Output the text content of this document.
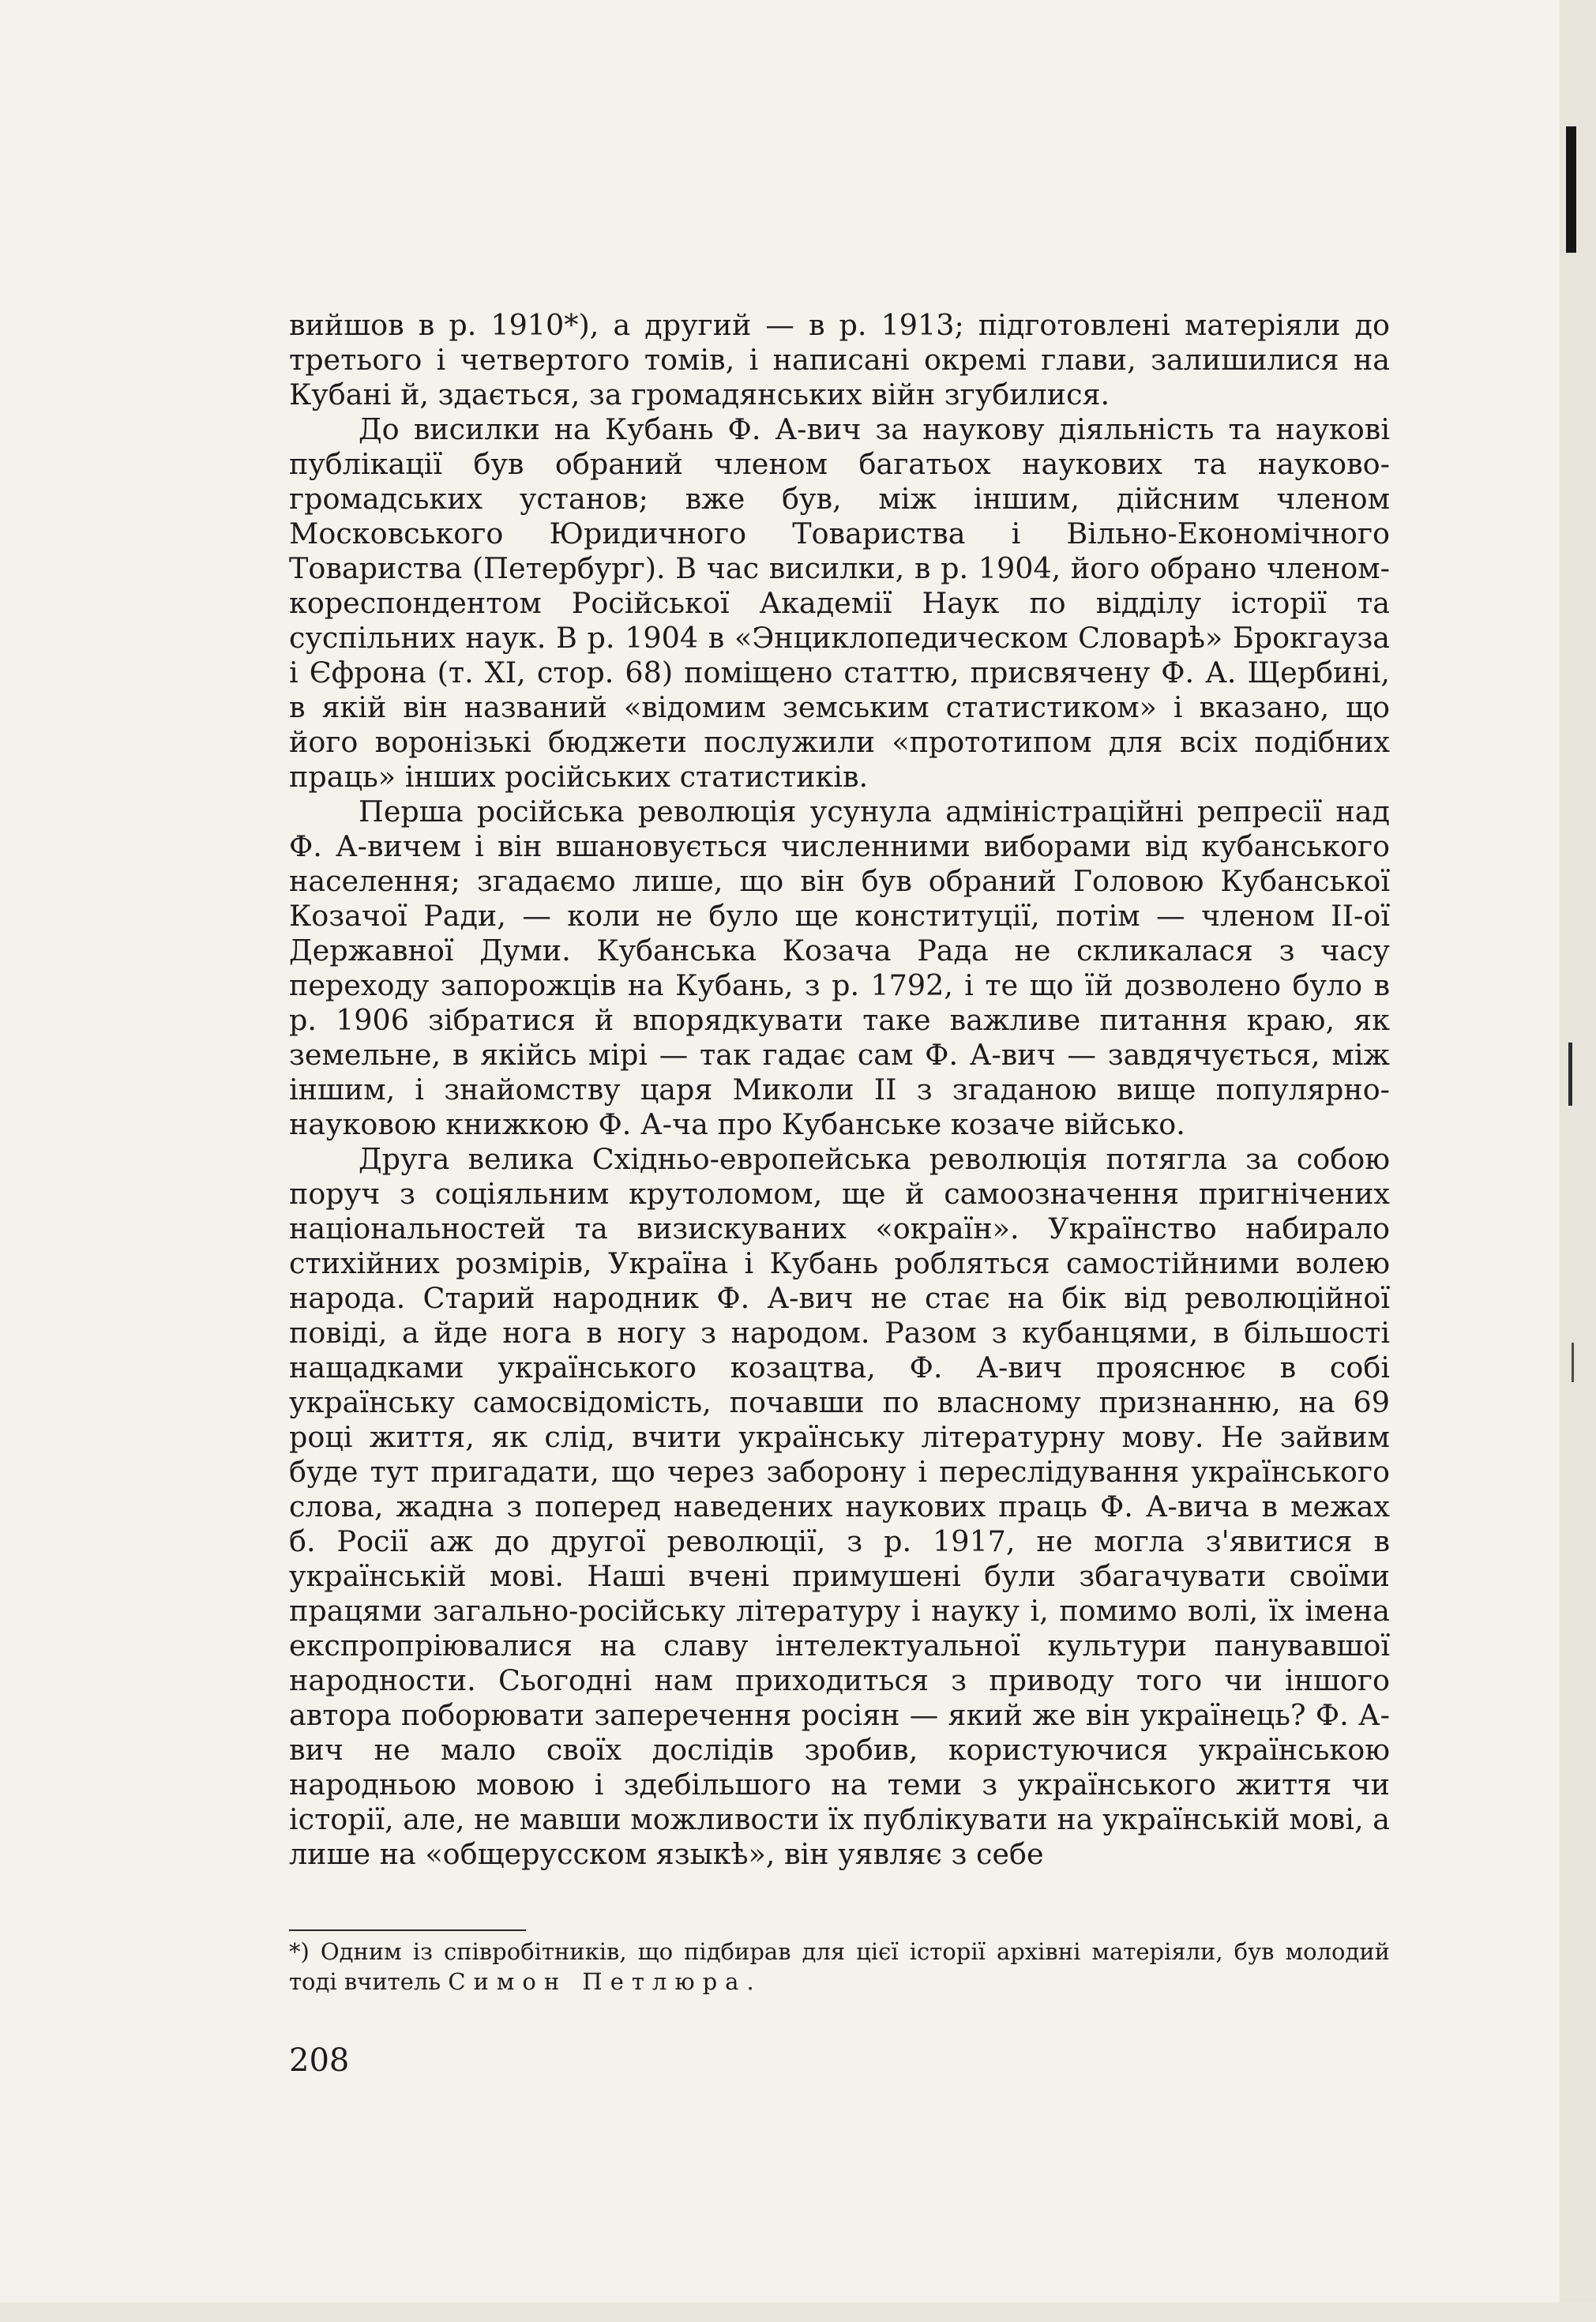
вийшов в р. 1910*), а другий — в р. 1913; підготовлені матеріяли до третього і четвертого томів, і написані окремі глави, залишилися на Кубані й, здається, за громадянських війн згубилися.

До висилки на Кубань Ф. А-вич за наукову діяльність та наукові публікації був обраний членом багатьох наукових та науково-громадських установ; вже був, між іншим, дійсним членом Московського Юридичного Товариства і Вільно-Економічного Товариства (Петербург). В час висилки, в р. 1904, його обрано членом-кореспондентом Російської Академії Наук по відділу історії та суспільних наук. В р. 1904 в «Энциклопедическом Словарѣ» Брокгауза і Єфрона (т. XI, стор. 68) поміщено статтю, присвячену Ф. А. Щербині, в якій він названий «відомим земським статистиком» і вказано, що його воронізькі бюджети послужили «прототипом для всіх подібних праць» інших російських статистиків.

Перша російська революція усунула адміністраційні репресії над Ф. А-вичем і він вшановується численними виборами від кубанського населення; згадаємо лише, що він був обраний Головою Кубанської Козачої Ради, — коли не було ще конституції, потім — членом II-ої Державної Думи. Кубанська Козача Рада не скликалася з часу переходу запорожців на Кубань, з р. 1792, і те що їй дозволено було в р. 1906 зібратися й впорядкувати таке важливе питання краю, як земельне, в якійсь мірі — так гадає сам Ф. А-вич — завдячується, між іншим, і знайомству царя Миколи II з згаданою вище популярно-науковою книжкою Ф. А-ча про Кубанське козаче військо.

Друга велика Східньо-европейська революція потягла за собою поруч з соціяльним крутоломом, ще й самоозначення пригнічених національностей та визискуваних «окраїн». Українство набирало стихійних розмірів, Україна і Кубань робляться самостійними волею народа. Старий народник Ф. А-вич не стає на бік від революційної повіді, а йде нога в ногу з народом. Разом з кубанцями, в більшості нащадками українського козацтва, Ф. А-вич прояснює в собі українську самосвідомість, почавши по власному признанню, на 69 році життя, як слід, вчити українську літературну мову. Не зайвим буде тут пригадати, що через заборону і переслідування українського слова, жадна з поперед наведених наукових праць Ф. А-вича в межах б. Росії аж до другої революції, з р. 1917, не могла з'явитися в українській мові. Наші вчені примушені були збагачувати своїми працями загально-російську літературу і науку і, помимо волі, їх імена експропріювалися на славу інтелектуальної культури панувавшої народности. Сьогодні нам приходиться з приводу того чи іншого автора поборювати заперечення росіян — який же він українець? Ф. А-вич не мало своїх дослідів зробив, користуючися українською народньою мовою і здебільшого на теми з українського життя чи історії, але, не мавши можливости їх публікувати на українській мові, а лише на «общерусском языкѣ», він уявляє з себе

*) Одним із співробітників, що підбирав для цієї історії архівні матеріяли, був молодий тоді вчитель Симон Петлюра.
208
